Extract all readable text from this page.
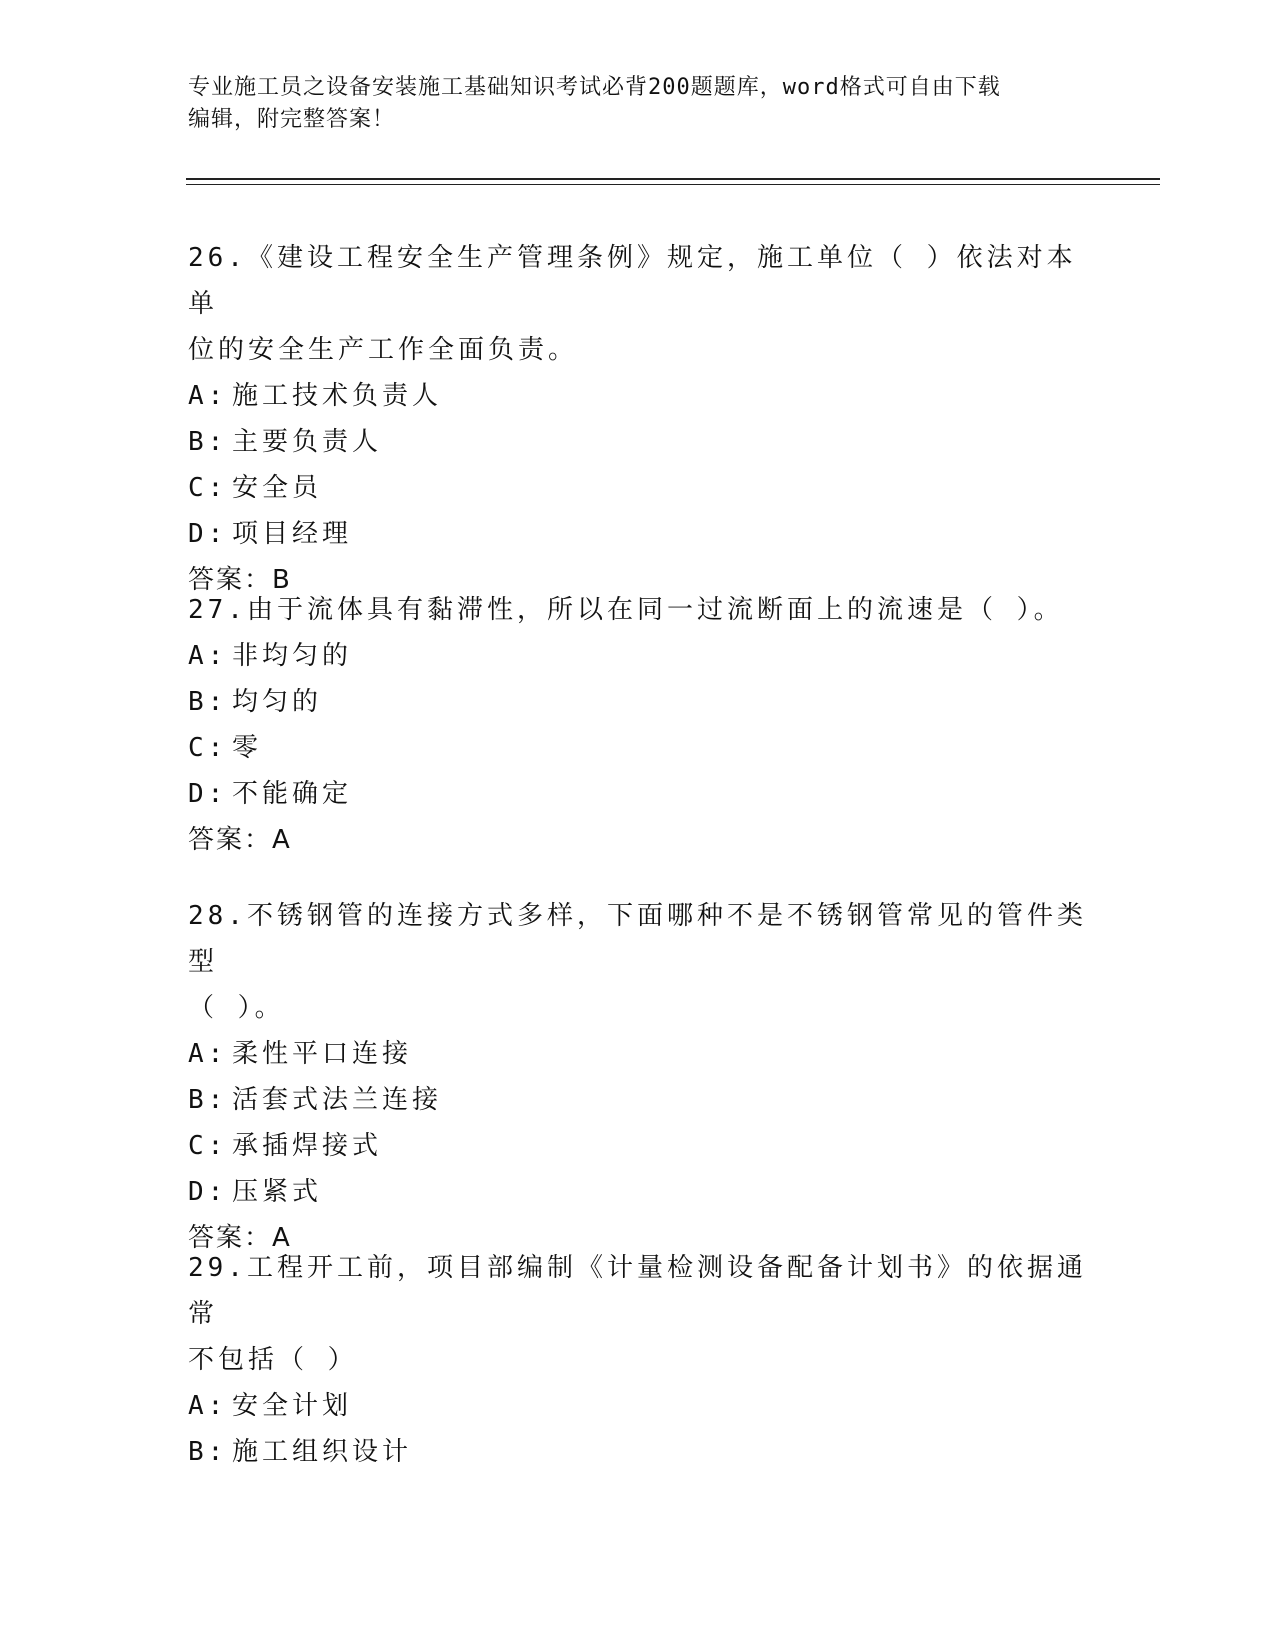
专业施工员之设备安装施工基础知识考试必背200题题库，word格式可自由下载
编辑，附完整答案！
26.《建设工程安全生产管理条例》规定，施工单位（ ）依法对本单
位的安全生产工作全面负责。
A: 施工技术负责人
B: 主要负责人
C: 安全员
D: 项目经理
答案：B
27.由于流体具有黏滞性，所以在同一过流断面上的流速是（ ）。
A: 非均匀的
B: 均匀的
C: 零
D: 不能确定
答案：A
28.不锈钢管的连接方式多样，下面哪种不是不锈钢管常见的管件类型
（ ）。
A: 柔性平口连接
B: 活套式法兰连接
C: 承插焊接式
D: 压紧式
答案：A
29.工程开工前，项目部编制《计量检测设备配备计划书》的依据通常
不包括（ ）
A: 安全计划
B: 施工组织设计
